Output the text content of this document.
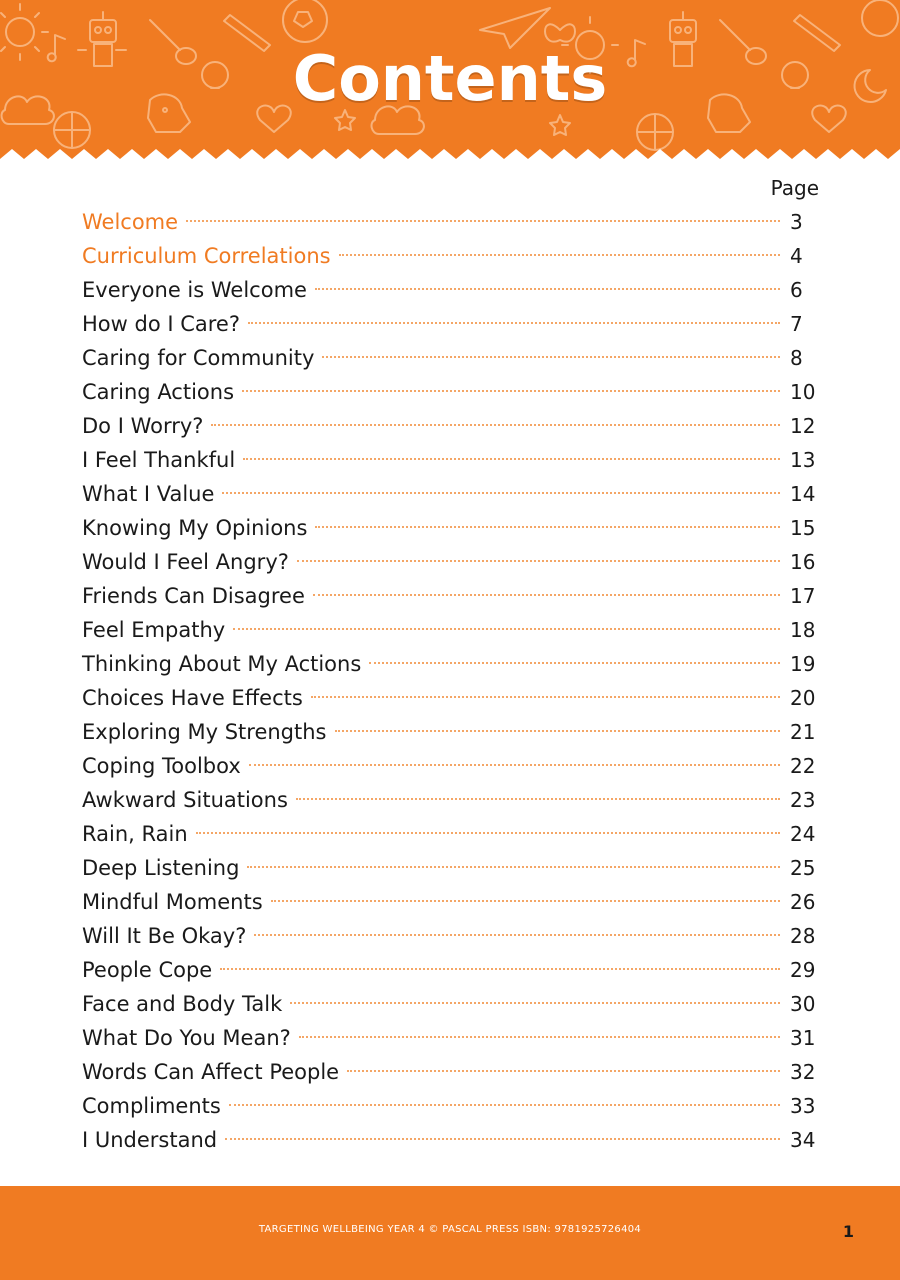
Contents
Page
Welcome	3
Curriculum Correlations	4
Everyone is Welcome	6
How do I Care?	7
Caring for Community	8
Caring Actions	10
Do I Worry?	12
I Feel Thankful	13
What I Value	14
Knowing My Opinions	15
Would I Feel Angry?	16
Friends Can Disagree	17
Feel Empathy	18
Thinking About My Actions	19
Choices Have Effects	20
Exploring My Strengths	21
Coping Toolbox	22
Awkward Situations	23
Rain, Rain	24
Deep Listening	25
Mindful Moments	26
Will It Be Okay?	28
People Cope	29
Face and Body Talk	30
What Do You Mean?	31
Words Can Affect People	32
Compliments	33
I Understand	34
TARGETING WELLBEING YEAR 4 © PASCAL PRESS ISBN: 9781925726404	1
